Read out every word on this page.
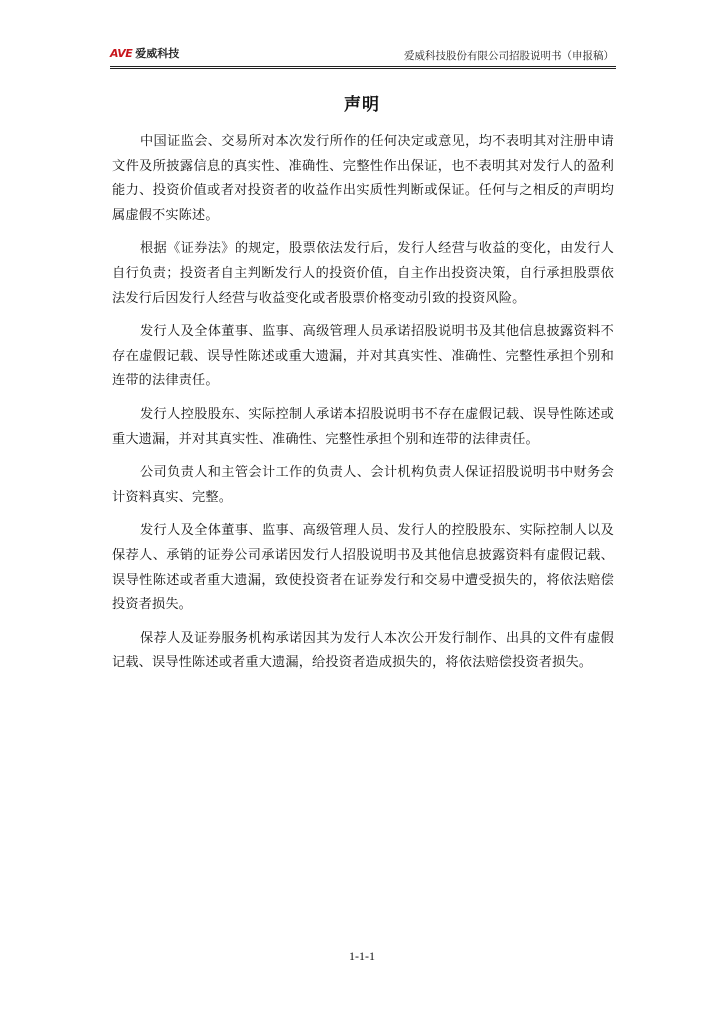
AVE 爱威科技	爱威科技股份有限公司招股说明书（申报稿）
声明

中国证监会、交易所对本次发行所作的任何决定或意见，均不表明其对注册申请文件及所披露信息的真实性、准确性、完整性作出保证，也不表明其对发行人的盈利能力、投资价值或者对投资者的收益作出实质性判断或保证。任何与之相反的声明均属虚假不实陈述。

根据《证券法》的规定，股票依法发行后，发行人经营与收益的变化，由发行人自行负责；投资者自主判断发行人的投资价值，自主作出投资决策，自行承担股票依法发行后因发行人经营与收益变化或者股票价格变动引致的投资风险。

发行人及全体董事、监事、高级管理人员承诺招股说明书及其他信息披露资料不存在虚假记载、误导性陈述或重大遗漏，并对其真实性、准确性、完整性承担个别和连带的法律责任。

发行人控股股东、实际控制人承诺本招股说明书不存在虚假记载、误导性陈述或重大遗漏，并对其真实性、准确性、完整性承担个别和连带的法律责任。

公司负责人和主管会计工作的负责人、会计机构负责人保证招股说明书中财务会计资料真实、完整。

发行人及全体董事、监事、高级管理人员、发行人的控股股东、实际控制人以及保荐人、承销的证券公司承诺因发行人招股说明书及其他信息披露资料有虚假记载、误导性陈述或者重大遗漏，致使投资者在证券发行和交易中遭受损失的，将依法赔偿投资者损失。

保荐人及证券服务机构承诺因其为发行人本次公开发行制作、出具的文件有虚假记载、误导性陈述或者重大遗漏，给投资者造成损失的，将依法赔偿投资者损失。

1-1-1
